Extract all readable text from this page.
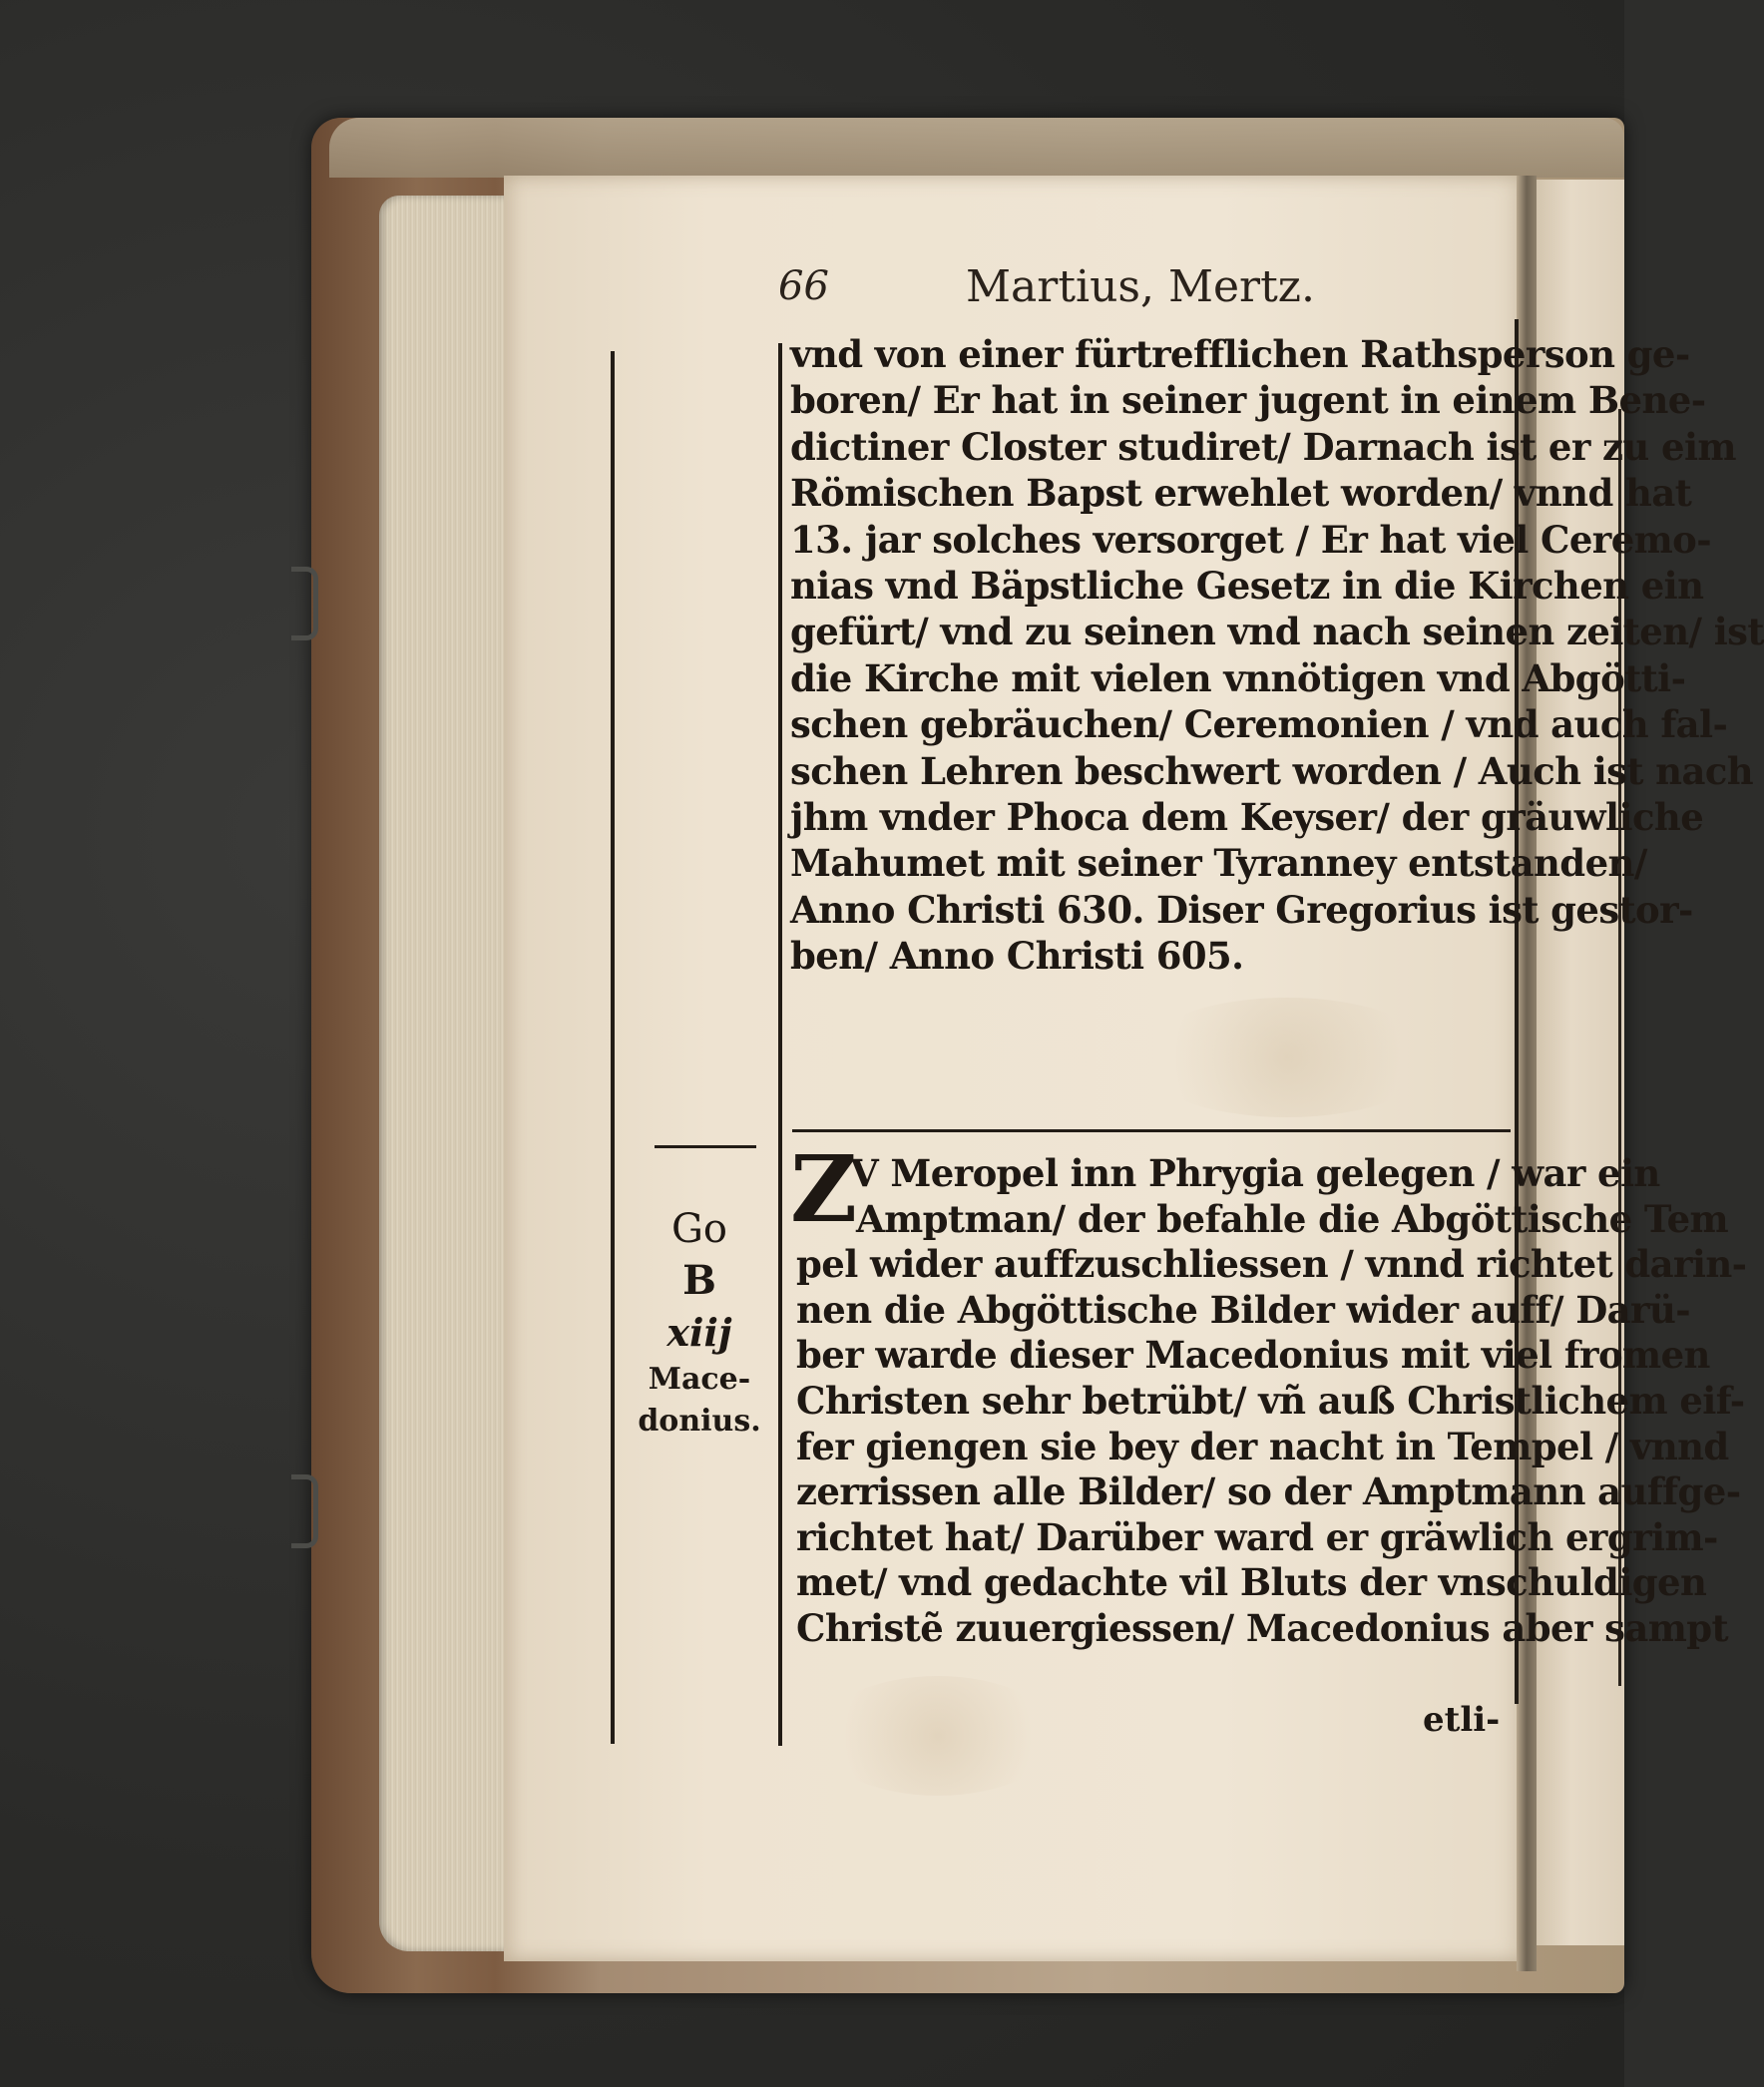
66	Martius, Mertz.
vnd von einer fürtrefflichen Rathsperson ge-
boren/ Er hat in seiner jugent in einem Bene-
dictiner Closter studiret/ Darnach ist er zu eim
Römischen Bapst erwehlet worden/ vnnd hat
13. jar solches versorget / Er hat viel Ceremo-
nias vnd Bäpstliche Gesetz in die Kirchen ein
gefürt/ vnd zu seinen vnd nach seinen zeiten/ ist
die Kirche mit vielen vnnötigen vnd Abgötti-
schen gebräuchen/ Ceremonien / vnd auch fal-
schen Lehren beschwert worden / Auch ist nach
jhm vnder Phoca dem Keyser/ der gräuwliche
Mahumet mit seiner Tyranney entstanden/
Anno Christi 630. Diser Gregorius ist gestor-
ben/ Anno Christi 605.
Go
B
xiij
Mace-
donius.
Z
V Meropel inn Phrygia gelegen / war ein
Amptman/ der befahle die Abgöttische Tem
pel wider auffzuschliessen / vnnd richtet darin-
nen die Abgöttische Bilder wider auff/ Darü-
ber warde dieser Macedonius mit viel fromen
Christen sehr betrübt/ vñ auß Christlichem eif-
fer giengen sie bey der nacht in Tempel / vnnd
zerrissen alle Bilder/ so der Amptmann auffge-
richtet hat/ Darüber ward er gräwlich ergrim-
met/ vnd gedachte vil Bluts der vnschuldigen
Christẽ zuuergiessen/ Macedonius aber sampt
etli-
